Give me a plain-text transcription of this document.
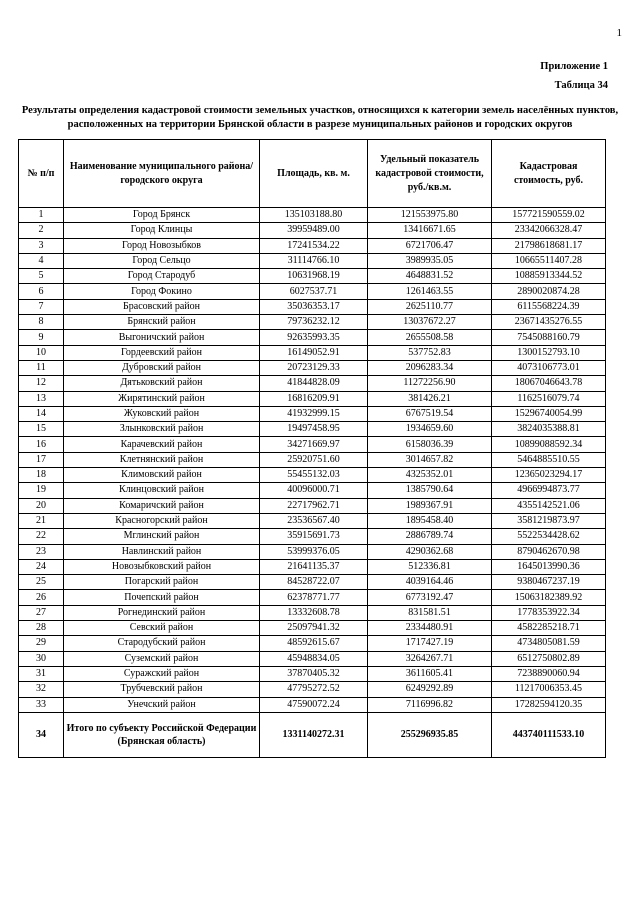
1
Приложение 1
Таблица 34
Результаты определения кадастровой стоимости земельных участков, относящихся к категории земель населённых пунктов, расположенных на территории Брянской области в разрезе муниципальных районов и городских округов
№ п/п	Наименование муниципального района/городского округа	Площадь, кв. м.	Удельный показатель кадастровой стоимости, руб./кв.м.	Кадастровая стоимость, руб.
1	Город Брянск	135103188.80	121553975.80	157721590559.02
2	Город Клинцы	39959489.00	13416671.65	23342066328.47
3	Город Новозыбков	17241534.22	6721706.47	21798618681.17
4	Город Сельцо	31114766.10	3989935.05	10665511407.28
5	Город Стародуб	10631968.19	4648831.52	10885913344.52
6	Город Фокино	6027537.71	1261463.55	2890020874.28
7	Брасовский район	35036353.17	2625110.77	6115568224.39
8	Брянский район	79736232.12	13037672.27	23671435276.55
9	Выгоничский район	92635993.35	2655508.58	7545088160.79
10	Гордеевский район	16149052.91	537752.83	1300152793.10
11	Дубровский район	20723129.33	2096283.34	4073106773.01
12	Дятьковский район	41844828.09	11272256.90	18067046643.78
13	Жирятинский район	16816209.91	381426.21	1162516079.74
14	Жуковский район	41932999.15	6767519.54	15296740054.99
15	Злынковский район	19497458.95	1934659.60	3824035388.81
16	Карачевский район	34271669.97	6158036.39	10899088592.34
17	Клетнянский район	25920751.60	3014657.82	5464885510.55
18	Климовский район	55455132.03	4325352.01	12365023294.17
19	Клинцовский район	40096000.71	1385790.64	4966994873.77
20	Комаричский район	22717962.71	1989367.91	4355142521.06
21	Красногорский район	23536567.40	1895458.40	3581219873.97
22	Мглинский район	35915691.73	2886789.74	5522534428.62
23	Навлинский район	53999376.05	4290362.68	8790462670.98
24	Новозыбковский район	21641135.37	512336.81	1645013990.36
25	Погарский район	84528722.07	4039164.46	9380467237.19
26	Почепский район	62378771.77	6773192.47	15063182389.92
27	Рогнединский район	13332608.78	831581.51	1778353922.34
28	Севский район	25097941.32	2334480.91	4582285218.71
29	Стародубский район	48592615.67	1717427.19	4734805081.59
30	Суземский район	45948834.05	3264267.71	6512750802.89
31	Суражский район	37870405.32	3611605.41	7238890060.94
32	Трубчевский район	47795272.52	6249292.89	11217006353.45
33	Унечский район	47590072.24	7116996.82	17282594120.35
34	Итого по субъекту Российской Федерации (Брянская область)	1331140272.31	255296935.85	443740111533.10
